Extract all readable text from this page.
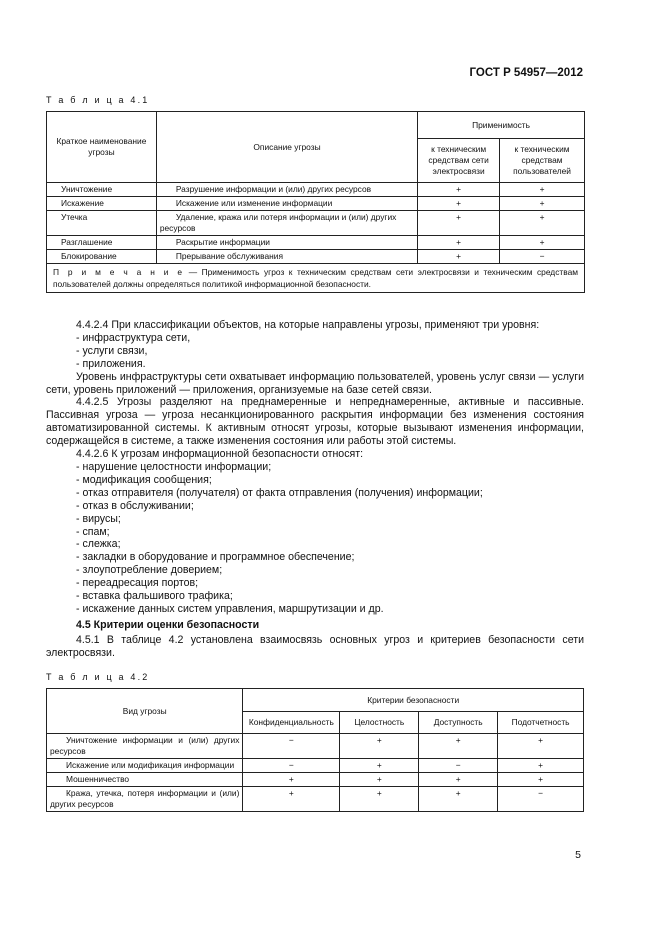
ГОСТ Р 54957—2012
Т а б л и ц а 4.1
Краткое наименование угрозы	Описание угрозы	Применимость	
		к техническим средствам сети электросвязи	к техническим средствам пользователей
Уничтожение	Разрушение информации и (или) других ресурсов	+	+
Искажение	Искажение или изменение информации	+	+
Утечка	Удаление, кража или потеря информации и (или) других ресурсов	+	+
Разглашение	Раскрытие информации	+	+
Блокирование	Прерывание обслуживания	+	−
П р и м е ч а н и е — Применимость угроз к техническим средствам сети электросвязи и техническим средствам пользователей должны определяться политикой информационной безопасности.			

4.4.2.4 При классификации объектов, на которые направлены угрозы, применяют три уровня:

- инфраструктура сети,

- услуги связи,

- приложения.

Уровень инфраструктуры сети охватывает информацию пользователей, уровень услуг связи — услуги сети, уровень приложений — приложения, организуемые на базе сетей связи.

4.4.2.5 Угрозы разделяют на преднамеренные и непреднамеренные, активные и пассивные. Пассивная угроза — угроза несанкционированного раскрытия информации без изменения состояния автоматизированной системы. К активным относят угрозы, которые вызывают изменения информации, содержащейся в системе, а также изменения состояния или работы этой системы.

4.4.2.6 К угрозам информационной безопасности относят:

- нарушение целостности информации;

- модификация сообщения;

- отказ отправителя (получателя) от факта отправления (получения) информации;

- отказ в обслуживании;

- вирусы;

- спам;

- слежка;

- закладки в оборудование и программное обеспечение;

- злоупотребление доверием;

- переадресация портов;

- вставка фальшивого трафика;

- искажение данных систем управления, маршрутизации и др.

4.5 Критерии оценки безопасности

4.5.1 В таблице 4.2 установлена взаимосвязь основных угроз и критериев безопасности сети электросвязи.

Т а б л и ц а 4.2
Вид угрозы	Критерии безопасности			
	Конфиденциальность	Целостность	Доступность	Подотчетность
Уничтожение информации и (или) других ресурсов	−	+	+	+
Искажение или модификация информации	−	+	−	+
Мошенничество	+	+	+	+
Кража, утечка, потеря информации и (или) других ресурсов	+	+	+	−
5
